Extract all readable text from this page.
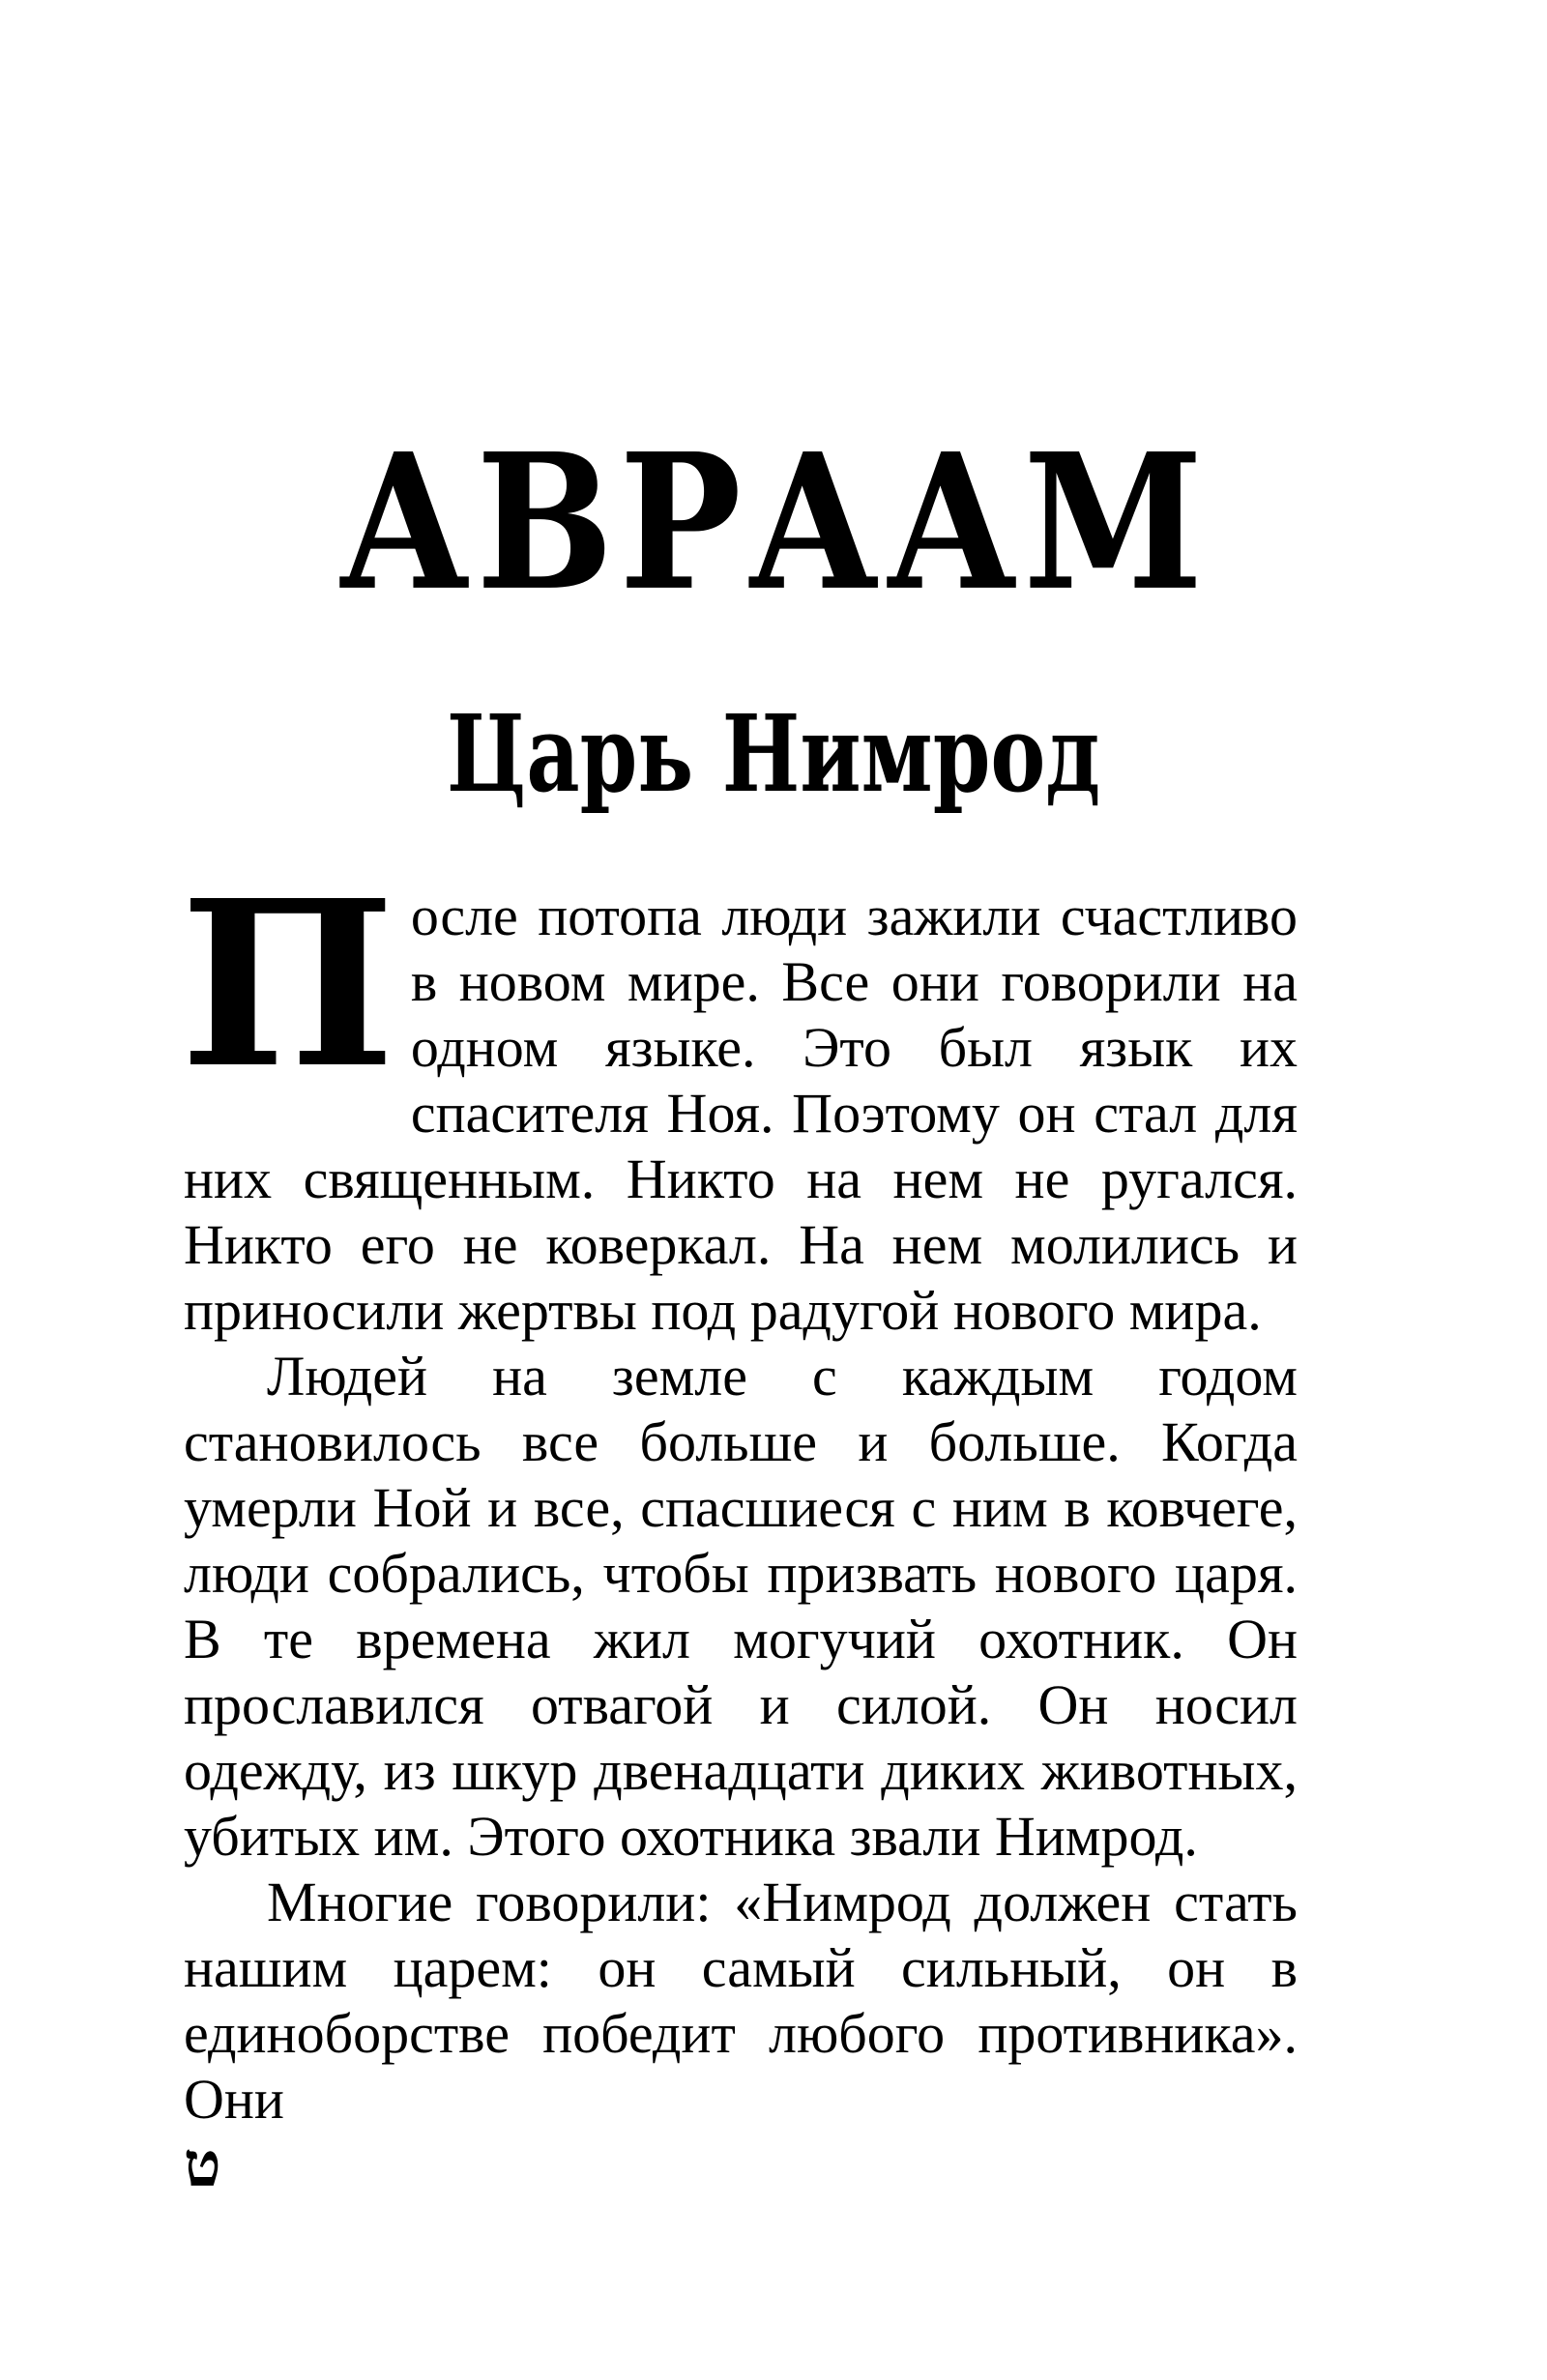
АВРААМ
Царь Нимрод

После потопа люди зажили счастливо в новом мире. Все они говорили на одном языке. Это был язык их спасителя Ноя. Поэтому он стал для них священным. Никто на нем не ругался. Никто его не коверкал. На нем молились и приносили жертвы под радугой нового мира.

Людей на земле с каждым годом становилось все больше и больше. Когда умерли Ной и все, спасшиеся с ним в ковчеге, люди собрались, чтобы призвать нового царя. В те времена жил могучий охотник. Он прославился отвагой и силой. Он носил одежду, из шкур двенадцати диких животных, убитых им. Этого охотника звали Нимрод.

Многие говорили: «Нимрод должен стать нашим царем: он самый сильный, он в единоборстве победит любого противника». Они

ט
